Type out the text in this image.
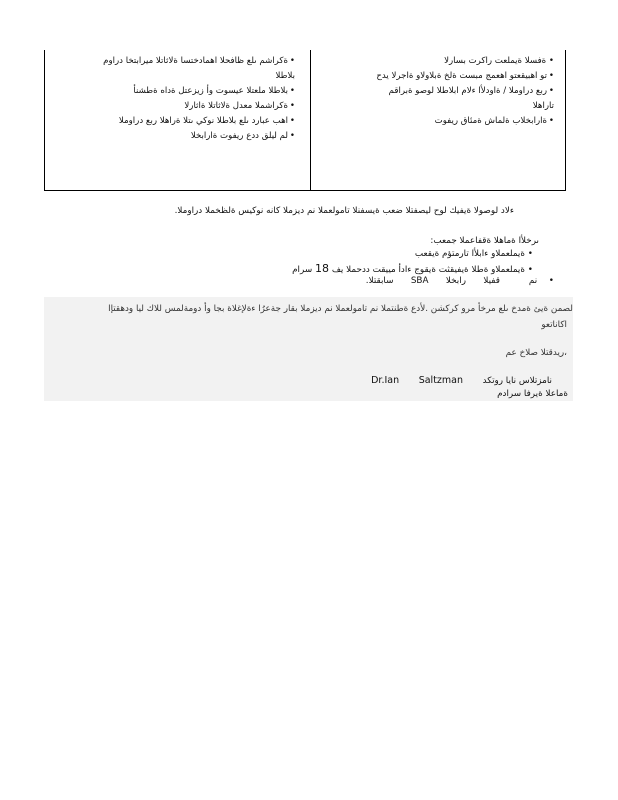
• ةفسلا ةيملعت راكرت بسارلا
• تو اهبيقعتو اهعمج مبست ةلخ ةبلاولاو ةاجرلا يدح
• ربع دراوملا / ةاودلأا ءلام ابلاطلا لوصو ةبراقم
تاراهلا
• ةارابخلاب ةلماش ةمئاق ريفوت
• ةكراشم ىلع ظافحلا اهمادختسا ةلاثاتلا ميرابتخا دراوم
بلاطلا
• بلاطلا ملعتلا عيسوت وأ زيزعتل ةداه ةطشنأ
• ةكراشملا معدل ةلاثاتلا ةاثارلا
• اهب عبارد ىلع بلاطلا نوكي ىتلا ةراهلا ربع دراوملا
• لم ليلق ددع ريفوت ةارابخلا
ءلاد لوصولا ةيفيك لوح ليصفتلا ضعب ةيسفنلا تامولعملا نم ديزملا كانه نوكيس ةلظخملا دراوملا.
ىرخلأا ةماهلا ةقفاعملا جمعب:
• ةيملعملاو ءابلأا تارمتؤم ةيقعب
• ةيملعملاو ةطلا ةيفيقثت ةيقوج ءادأ مييقت ددحملا يف 18 سرام
•  نم     قفيلا   رابخلا   SBA   سابقتلا.
لصمن ةيئ ةمدخ ىلع مرخأ مرو كركشن .لأدع ةطنتملا نم تامولعملا نم ديزملا بقار جةعرُا ءةلإغلاة بجا وأ دومةلمس للاك ليا ودهقتإا
اكاناتعو
،ريدقتلا صلاخ عم
نامزتلاس نايا روتكد       Dr.Ian Saltzman
ةماعلا ةيرفا سرادم
